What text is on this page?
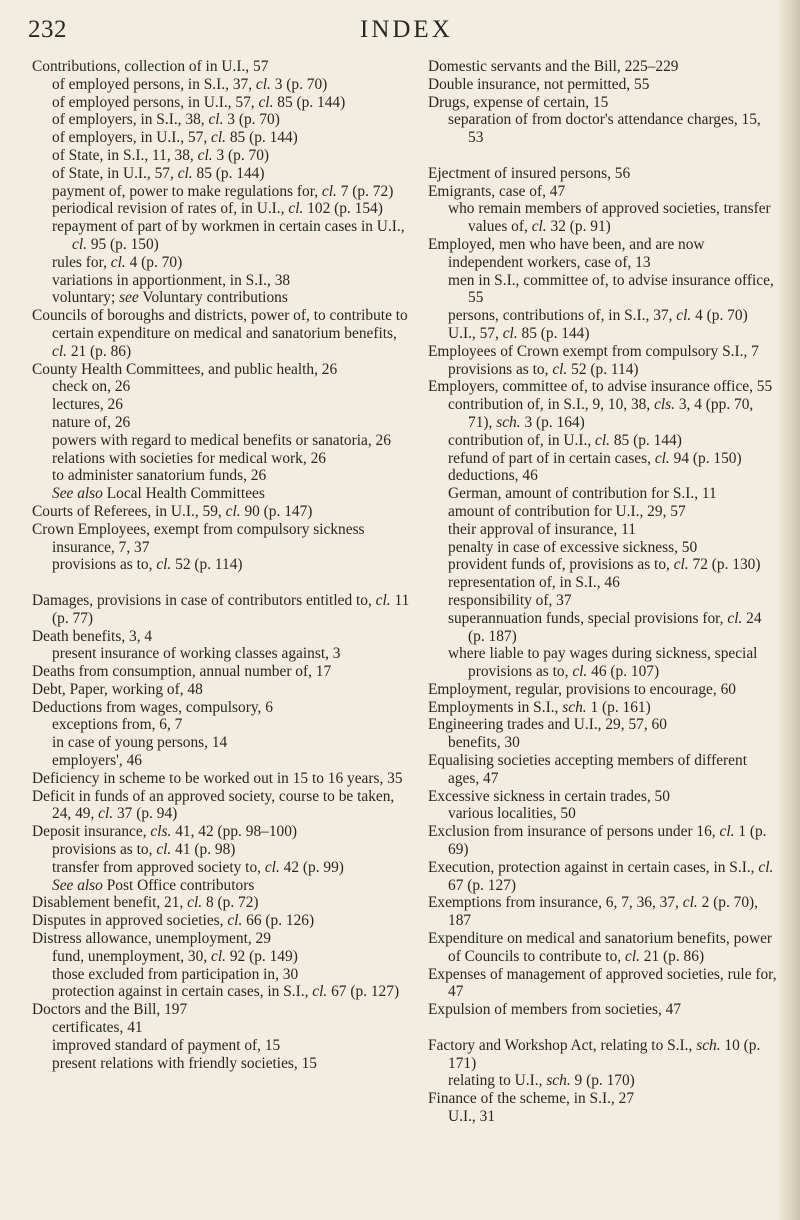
232	INDEX
Contributions, collection of in U.I., 57
of employed persons, in S.I., 37, cl. 3 (p. 70)
of employed persons, in U.I., 57, cl. 85 (p. 144)
of employers, in S.I., 38, cl. 3 (p. 70)
of employers, in U.I., 57, cl. 85 (p. 144)
of State, in S.I., 11, 38, cl. 3 (p. 70)
of State, in U.I., 57, cl. 85 (p. 144)
payment of, power to make regulations for, cl. 7 (p. 72)
periodical revision of rates of, in U.I., cl. 102 (p. 154)
repayment of part of by workmen in certain cases in U.I., cl. 95 (p. 150)
rules for, cl. 4 (p. 70)
variations in apportionment, in S.I., 38
voluntary; see Voluntary contributions
Councils of boroughs and districts, power of, to contribute to certain expenditure on medical and sanatorium benefits, cl. 21 (p. 86)
County Health Committees, and public health, 26
check on, 26
lectures, 26
nature of, 26
powers with regard to medical benefits or sanatoria, 26
relations with societies for medical work, 26
to administer sanatorium funds, 26
See also Local Health Committees
Courts of Referees, in U.I., 59, cl. 90 (p. 147)
Crown Employees, exempt from compulsory sickness insurance, 7, 37
provisions as to, cl. 52 (p. 114)
Damages, provisions in case of contributors entitled to, cl. 11 (p. 77)
Death benefits, 3, 4
present insurance of working classes against, 3
Deaths from consumption, annual number of, 17
Debt, Paper, working of, 48
Deductions from wages, compulsory, 6
exceptions from, 6, 7
in case of young persons, 14
employers', 46
Deficiency in scheme to be worked out in 15 to 16 years, 35
Deficit in funds of an approved society, course to be taken, 24, 49, cl. 37 (p. 94)
Deposit insurance, cls. 41, 42 (pp. 98–100)
provisions as to, cl. 41 (p. 98)
transfer from approved society to, cl. 42 (p. 99)
See also Post Office contributors
Disablement benefit, 21, cl. 8 (p. 72)
Disputes in approved societies, cl. 66 (p. 126)
Distress allowance, unemployment, 29
fund, unemployment, 30, cl. 92 (p. 149)
those excluded from participation in, 30
protection against in certain cases, in S.I., cl. 67 (p. 127)
Doctors and the Bill, 197
certificates, 41
improved standard of payment of, 15
present relations with friendly societies, 15
Domestic servants and the Bill, 225–229
Double insurance, not permitted, 55
Drugs, expense of certain, 15
separation of from doctor's attendance charges, 15, 53
Ejectment of insured persons, 56
Emigrants, case of, 47
who remain members of approved societies, transfer values of, cl. 32 (p. 91)
Employed, men who have been, and are now independent workers, case of, 13
men in S.I., committee of, to advise insurance office, 55
persons, contributions of, in S.I., 37, cl. 4 (p. 70)
U.I., 57, cl. 85 (p. 144)
Employees of Crown exempt from compulsory S.I., 7
provisions as to, cl. 52 (p. 114)
Employers, committee of, to advise insurance office, 55
contribution of, in S.I., 9, 10, 38, cls. 3, 4 (pp. 70, 71), sch. 3 (p. 164)
contribution of, in U.I., cl. 85 (p. 144)
refund of part of in certain cases, cl. 94 (p. 150)
deductions, 46
German, amount of contribution for S.I., 11
amount of contribution for U.I., 29, 57
their approval of insurance, 11
penalty in case of excessive sickness, 50
provident funds of, provisions as to, cl. 72 (p. 130)
representation of, in S.I., 46
responsibility of, 37
superannuation funds, special provisions for, cl. 24 (p. 187)
where liable to pay wages during sickness, special provisions as to, cl. 46 (p. 107)
Employment, regular, provisions to encourage, 60
Employments in S.I., sch. 1 (p. 161)
Engineering trades and U.I., 29, 57, 60
benefits, 30
Equalising societies accepting members of different ages, 47
Excessive sickness in certain trades, 50
various localities, 50
Exclusion from insurance of persons under 16, cl. 1 (p. 69)
Execution, protection against in certain cases, in S.I., cl. 67 (p. 127)
Exemptions from insurance, 6, 7, 36, 37, cl. 2 (p. 70), 187
Expenditure on medical and sanatorium benefits, power of Councils to contribute to, cl. 21 (p. 86)
Expenses of management of approved societies, rule for, 47
Expulsion of members from societies, 47
Factory and Workshop Act, relating to S.I., sch. 10 (p. 171)
relating to U.I., sch. 9 (p. 170)
Finance of the scheme, in S.I., 27
U.I., 31
